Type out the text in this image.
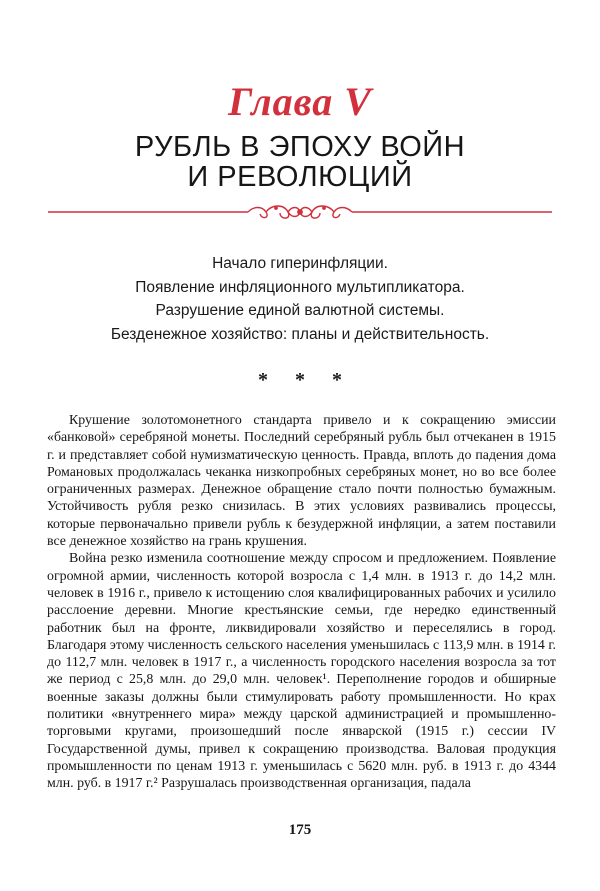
Глава V
РУБЛЬ В ЭПОХУ ВОЙН
И РЕВОЛЮЦИЙ
Начало гиперинфляции.
Появление инфляционного мультипликатора.
Разрушение единой валютной системы.
Безденежное хозяйство: планы и действительность.
* * *

Крушение золотомонетного стандарта привело и к сокращению эмиссии «банковой» серебряной монеты. Последний серебряный рубль был отчеканен в 1915 г. и представляет собой нумизматическую ценность. Правда, вплоть до падения дома Романовых продолжалась чеканка низкопробных серебряных монет, но во все более ограниченных размерах. Денежное обращение стало почти полностью бумажным. Устойчивость рубля резко снизилась. В этих условиях развивались процессы, которые первоначально привели рубль к безудержной инфляции, а затем поставили все денежное хозяйство на грань крушения.

Война резко изменила соотношение между спросом и предложением. Появление огромной армии, численность которой возросла с 1,4 млн. в 1913 г. до 14,2 млн. человек в 1916 г., привело к истощению слоя квалифицированных рабочих и усилило расслоение деревни. Многие крестьянские семьи, где нередко единственный работник был на фронте, ликвидировали хозяйство и переселялись в город. Благодаря этому численность сельского населения уменьшилась с 113,9 млн. в 1914 г. до 112,7 млн. человек в 1917 г., а численность городского населения возросла за тот же период с 25,8 млн. до 29,0 млн. человек¹. Переполнение городов и обширные военные заказы должны были стимулировать работу промышленности. Но крах политики «внутреннего мира» между царской администрацией и промышленно-торговыми кругами, произошедший после январской (1915 г.) сессии IV Государственной думы, привел к сокращению производства. Валовая продукция промышленности по ценам 1913 г. уменьшилась с 5620 млн. руб. в 1913 г. до 4344 млн. руб. в 1917 г.² Разрушалась производственная организация, падала

175
